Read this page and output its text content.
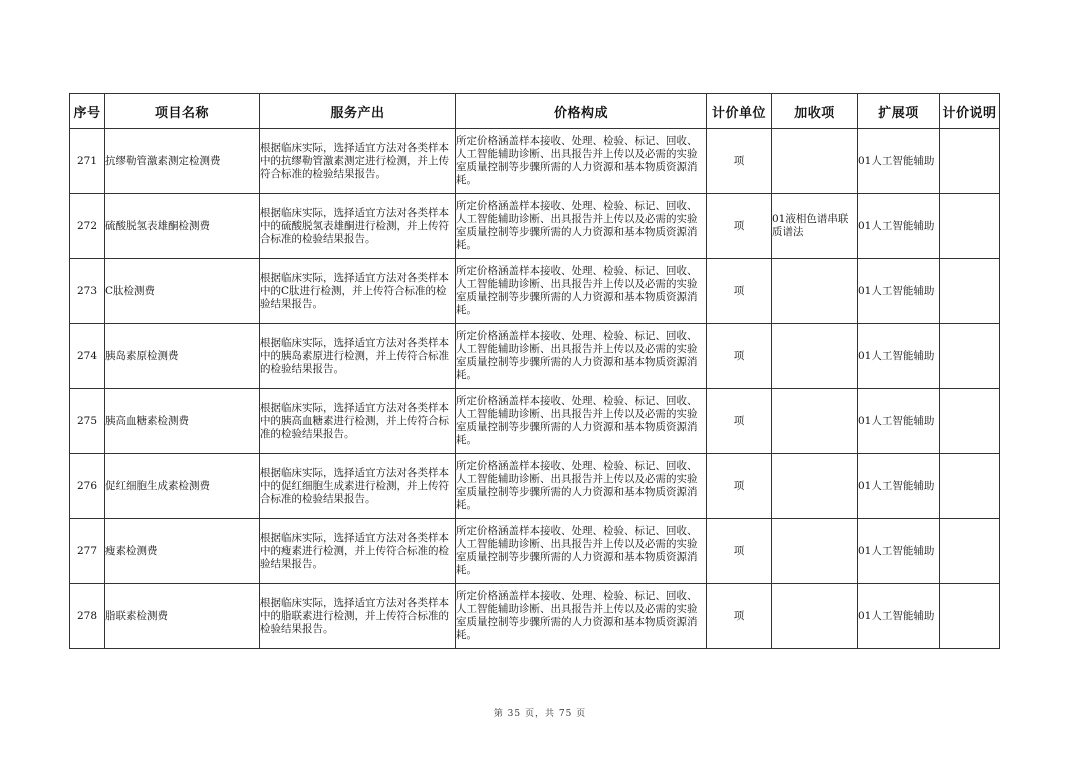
序号	项目名称	服务产出	价格构成	计价单位	加收项	扩展项	计价说明
271	抗缪勒管激素测定检测费	根据临床实际，选择适宜方法对各类样本中的抗缪勒管激素测定进行检测，并上传符合标准的检验结果报告。	所定价格涵盖样本接收、处理、检验、标记、回收、人工智能辅助诊断、出具报告并上传以及必需的实验室质量控制等步骤所需的人力资源和基本物质资源消耗。	项		01人工智能辅助	
272	硫酸脱氢表雄酮检测费	根据临床实际，选择适宜方法对各类样本中的硫酸脱氢表雄酮进行检测，并上传符合标准的检验结果报告。	所定价格涵盖样本接收、处理、检验、标记、回收、人工智能辅助诊断、出具报告并上传以及必需的实验室质量控制等步骤所需的人力资源和基本物质资源消耗。	项	01液相色谱串联质谱法	01人工智能辅助	
273	C肽检测费	根据临床实际，选择适宜方法对各类样本中的C肽进行检测，并上传符合标准的检验结果报告。	所定价格涵盖样本接收、处理、检验、标记、回收、人工智能辅助诊断、出具报告并上传以及必需的实验室质量控制等步骤所需的人力资源和基本物质资源消耗。	项		01人工智能辅助	
274	胰岛素原检测费	根据临床实际，选择适宜方法对各类样本中的胰岛素原进行检测，并上传符合标准的检验结果报告。	所定价格涵盖样本接收、处理、检验、标记、回收、人工智能辅助诊断、出具报告并上传以及必需的实验室质量控制等步骤所需的人力资源和基本物质资源消耗。	项		01人工智能辅助	
275	胰高血糖素检测费	根据临床实际，选择适宜方法对各类样本中的胰高血糖素进行检测，并上传符合标准的检验结果报告。	所定价格涵盖样本接收、处理、检验、标记、回收、人工智能辅助诊断、出具报告并上传以及必需的实验室质量控制等步骤所需的人力资源和基本物质资源消耗。	项		01人工智能辅助	
276	促红细胞生成素检测费	根据临床实际，选择适宜方法对各类样本中的促红细胞生成素进行检测，并上传符合标准的检验结果报告。	所定价格涵盖样本接收、处理、检验、标记、回收、人工智能辅助诊断、出具报告并上传以及必需的实验室质量控制等步骤所需的人力资源和基本物质资源消耗。	项		01人工智能辅助	
277	瘦素检测费	根据临床实际，选择适宜方法对各类样本中的瘦素进行检测，并上传符合标准的检验结果报告。	所定价格涵盖样本接收、处理、检验、标记、回收、人工智能辅助诊断、出具报告并上传以及必需的实验室质量控制等步骤所需的人力资源和基本物质资源消耗。	项		01人工智能辅助	
278	脂联素检测费	根据临床实际，选择适宜方法对各类样本中的脂联素进行检测，并上传符合标准的检验结果报告。	所定价格涵盖样本接收、处理、检验、标记、回收、人工智能辅助诊断、出具报告并上传以及必需的实验室质量控制等步骤所需的人力资源和基本物质资源消耗。	项		01人工智能辅助	
第 35 页，共 75 页
